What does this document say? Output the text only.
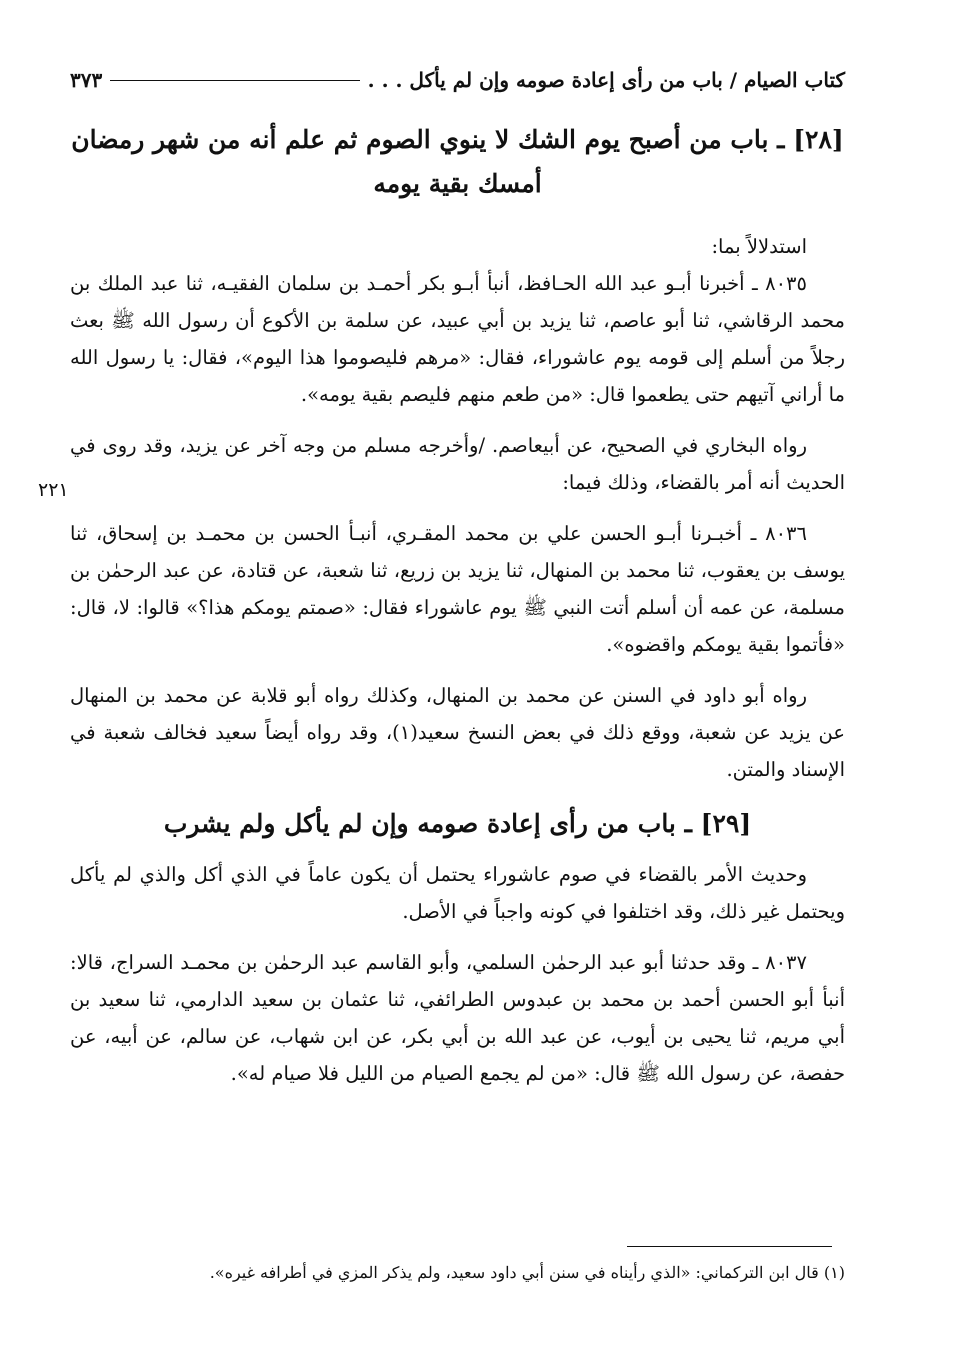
كتاب الصيام / باب من رأى إعادة صومه وإن لم يأكل . . .
٣٧٣
[٢٨] ـ باب من أصبح يوم الشك لا ينوي الصوم ثم علم أنه من شهر رمضان أمسك بقية يومه

استدلالاً بما:

٨٠٣٥ ـ أخبرنا أبـو عبد الله الحـافظ، أنبأ أبـو بكر أحمـد بن سلمان الفقيـه، ثنا عبد الملك بن محمد الرقاشي، ثنا أبو عاصم، ثنا يزيد بن أبي عبيد، عن سلمة بن الأكوع أن رسول الله ﷺ بعث رجلاً من أسلم إلى قومه يوم عاشوراء، فقال: «مرهم فليصوموا هذا اليوم»، فقال: يا رسول الله ما أراني آتيهم حتى يطعموا قال: «من طعم منهم فليصم بقية يومه».

رواه البخاري في الصحيح، عن أبيعاصم. /وأخرجه مسلم من وجه آخر عن يزيد، وقد روى في الحديث أنه أمر بالقضاء، وذلك فيما:

٨٠٣٦ ـ أخبـرنا أبـو الحسن علي بن محمد المقـري، أنبـأ الحسن بن محمـد بن إسحاق، ثنا يوسف بن يعقوب، ثنا محمد بن المنهال، ثنا يزيد بن زريع، ثنا شعبة، عن قتادة، عن عبد الرحمٰن بن مسلمة، عن عمه أن أسلم أتت النبي ﷺ يوم عاشوراء فقال: «صمتم يومكم هذا؟» قالوا: لا، قال: «فأتموا بقية يومكم واقضوه».

رواه أبو داود في السنن عن محمد بن المنهال، وكذلك رواه أبو قلابة عن محمد بن المنهال عن يزيد عن شعبة، ووقع ذلك في بعض النسخ سعيد(١)، وقد رواه أيضاً سعيد فخالف شعبة في الإسناد والمتن.

[٢٩] ـ باب من رأى إعادة صومه وإن لم يأكل ولم يشرب

وحديث الأمر بالقضاء في صوم عاشوراء يحتمل أن يكون عاماً في الذي أكل والذي لم يأكل ويحتمل غير ذلك، وقد اختلفوا في كونه واجباً في الأصل.

٨٠٣٧ ـ وقد حدثنا أبو عبد الرحمٰن السلمي، وأبو القاسم عبد الرحمٰن بن محمـد السراج، قالا: أنبأ أبو الحسن أحمد بن محمد بن عبدوس الطرائفي، ثنا عثمان بن سعيد الدارمي، ثنا سعيد بن أبي مريم، ثنا يحيى بن أيوب، عن عبد الله بن أبي بكر، عن ابن شهاب، عن سالم، عن أبيه، عن حفصة، عن رسول الله ﷺ قال: «من لم يجمع الصيام من الليل فلا صيام له».

٢٢١
(١) قال ابن التركماني: «الذي رأيناه في سنن أبي داود سعيد، ولم يذكر المزي في أطرافه غيره».
